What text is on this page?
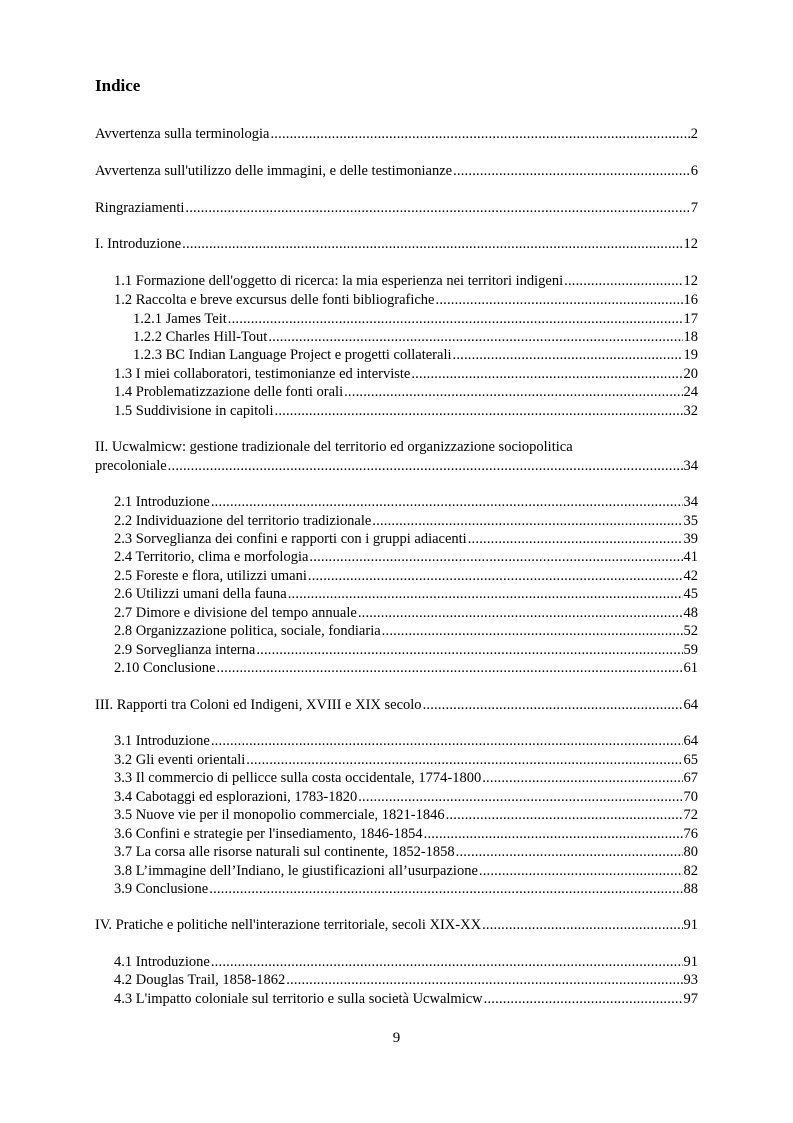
Indice
Avvertenza sulla terminologia .....	2
Avvertenza sull'utilizzo delle immagini, e delle testimonianze .....	6
Ringraziamenti .....	7
I. Introduzione .....	12
1.1 Formazione dell'oggetto di ricerca: la mia esperienza nei territori indigeni .....	12
1.2 Raccolta e breve excursus delle fonti bibliografiche .....	16
1.2.1 James Teit .....	17
1.2.2 Charles Hill-Tout .....	18
1.2.3 BC Indian Language Project e progetti collaterali .....	19
1.3 I miei collaboratori, testimonianze ed interviste .....	20
1.4 Problematizzazione delle fonti orali .....	24
1.5 Suddivisione in capitoli .....	32
II. Ucwalmicw: gestione tradizionale del territorio ed organizzazione sociopolitica
precoloniale .....	34
2.1 Introduzione .....	34
2.2 Individuazione del territorio tradizionale .....	35
2.3 Sorveglianza dei confini e rapporti con i gruppi adiacenti .....	39
2.4 Territorio, clima e morfologia .....	41
2.5 Foreste e flora, utilizzi umani .....	42
2.6 Utilizzi umani della fauna .....	45
2.7 Dimore e divisione del tempo annuale .....	48
2.8 Organizzazione politica, sociale, fondiaria .....	52
2.9 Sorveglianza interna .....	59
2.10 Conclusione .....	61
III. Rapporti tra Coloni ed Indigeni, XVIII e XIX secolo .....	64
3.1 Introduzione .....	64
3.2 Gli eventi orientali .....	65
3.3 Il commercio di pellicce sulla costa occidentale, 1774-1800 .....	67
3.4 Cabotaggi ed esplorazioni, 1783-1820 .....	70
3.5 Nuove vie per il monopolio commerciale, 1821-1846 .....	72
3.6 Confini e strategie per l'insediamento, 1846-1854 .....	76
3.7 La corsa alle risorse naturali sul continente, 1852-1858 .....	80
3.8 L’immagine dell’Indiano, le giustificazioni all’usurpazione .....	82
3.9 Conclusione .....	88
IV. Pratiche e politiche nell'interazione territoriale, secoli XIX-XX .....	91
4.1 Introduzione .....	91
4.2 Douglas Trail, 1858-1862 .....	93
4.3 L'impatto coloniale sul territorio e sulla società Ucwalmicw .....	97
9
